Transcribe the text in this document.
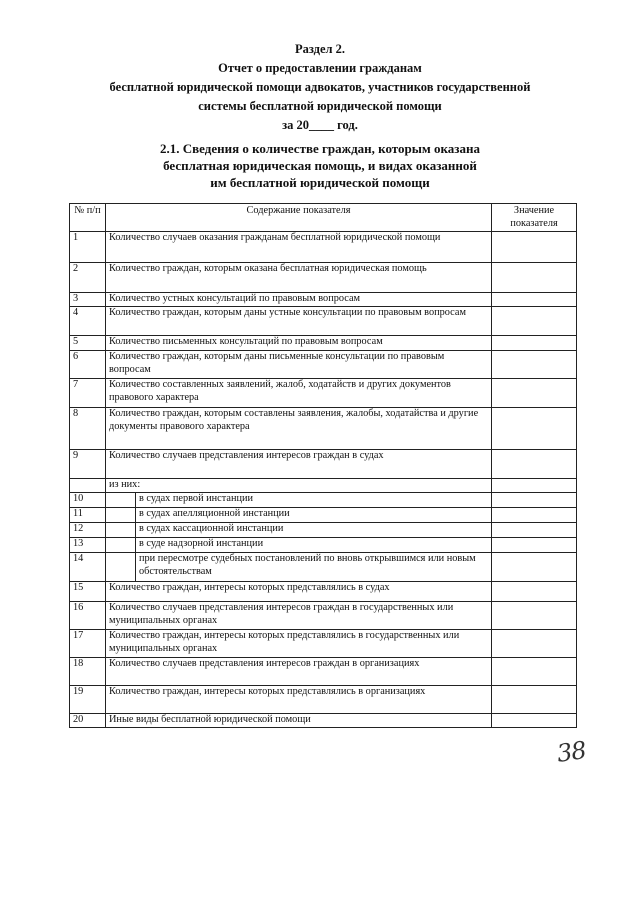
Раздел 2.
Отчет о предоставлении гражданам
бесплатной юридической помощи адвокатов, участников государственной
системы бесплатной юридической помощи
за 20____ год.
2.1. Сведения о количестве граждан, которым оказана
бесплатная юридическая помощь, и видах оказанной
им бесплатной юридической помощи
№ п/п	Содержание показателя		Значение показателя
1	Количество случаев оказания гражданам бесплатной юридической помощи		
2	Количество граждан, которым оказана бесплатная юридическая помощь		
3	Количество устных консультаций по правовым вопросам		
4	Количество граждан, которым даны устные консультации по правовым вопросам		
5	Количество письменных консультаций по правовым вопросам		
6	Количество граждан, которым даны письменные консультации по правовым вопросам		
7	Количество составленных заявлений, жалоб, ходатайств и других документов правового характера		
8	Количество граждан, которым составлены заявления, жалобы, ходатайства и другие документы правового характера		
9	Количество случаев представления интересов граждан в судах		
	из них:		
10		в судах первой инстанции	
11		в судах апелляционной инстанции	
12		в судах кассационной инстанции	
13		в суде надзорной инстанции	
14		при пересмотре судебных постановлений по вновь открывшимся или новым обстоятельствам	
15	Количество граждан, интересы которых представлялись в судах		
16	Количество случаев представления интересов граждан в государственных или муниципальных органах		
17	Количество граждан, интересы которых представлялись в государственных или муниципальных органах		
18	Количество случаев представления интересов граждан в организациях		
19	Количество граждан, интересы которых представлялись в организациях		
20	Иные виды бесплатной юридической помощи		
38
